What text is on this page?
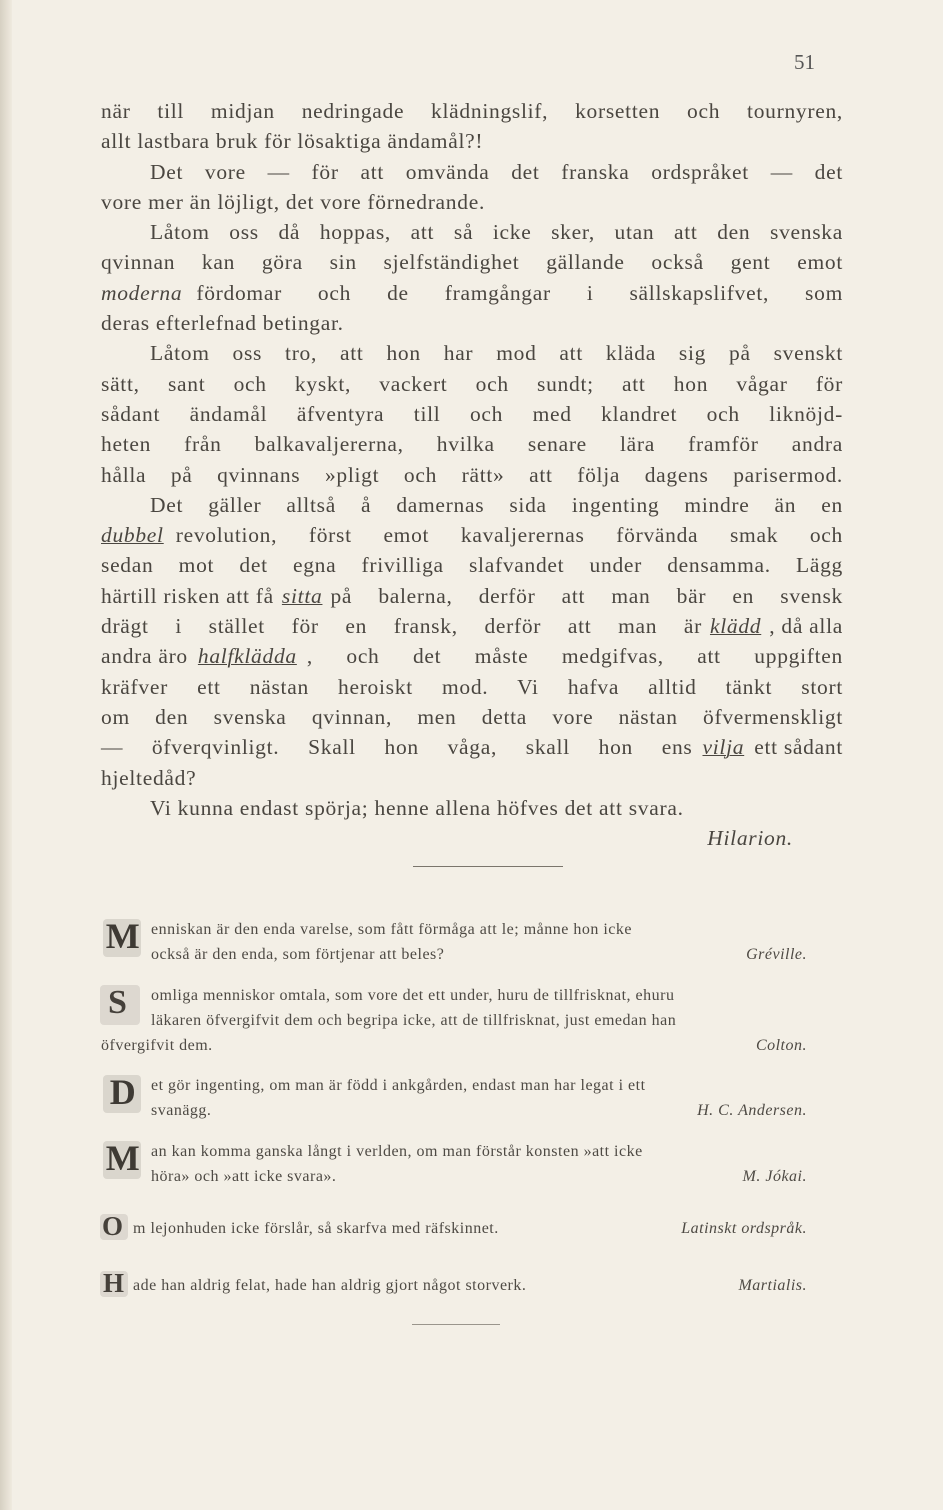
51
när till midjan nedringade klädningslif, korsetten och tournyren,
allt lastbara bruk för lösaktiga ändamål?!
Det vore — för att omvända det franska ordspråket — det
vore mer än löjligt, det vore förnedrande.
Låtom oss då hoppas, att så icke sker, utan att den svenska
qvinnan kan göra sin sjelfständighet gällande också gent emot
moderna fördomar och de framgångar i sällskapslifvet, som
deras efterlefnad betingar.
Låtom oss tro, att hon har mod att kläda sig på svenskt
sätt, sant och kyskt, vackert och sundt; att hon vågar för
sådant ändamål äfventyra till och med klandret och liknöjd-
heten från balkavaljererna, hvilka senare lära framför andra
hålla på qvinnans »pligt och rätt» att följa dagens parisermod.
Det gäller alltså å damernas sida ingenting mindre än en
dubbel revolution, först emot kavaljerernas förvända smak och
sedan mot det egna frivilliga slafvandet under densamma. Lägg
härtill risken att få sitta på balerna, derför att man bär en svensk
drägt i stället för en fransk, derför att man är klädd , då alla
andra äro halfklädda , och det måste medgifvas, att uppgiften
kräfver ett nästan heroiskt mod. Vi hafva alltid tänkt stort
om den svenska qvinnan, men detta vore nästan öfvermenskligt
— öfverqvinligt. Skall hon våga, skall hon ens vilja ett sådant
hjeltedåd?
Vi kunna endast spörja; henne allena höfves det att svara.
Hilarion.
M enniskan är den enda varelse, som fått förmåga att le; månne hon icke
också är den enda, som förtjenar att beles?	Gréville.
S	omliga menniskor omtala, som vore det ett under, huru de tillfrisknat, ehuru
läkaren öfvergifvit dem och begripa icke, att de tillfrisknat, just emedan han
öfvergifvit dem.	Colton.
D et gör ingenting, om man är född i ankgården, endast man har legat i ett
svanägg.	H. C. Andersen.
M an kan komma ganska långt i verlden, om man förstår konsten »att icke
höra» och »att icke svara».	M. Jókai.
O m lejonhuden icke förslår, så skarfva med räfskinnet.	Latinskt ordspråk.
H ade han aldrig felat, hade han aldrig gjort något storverk.	Martialis.
